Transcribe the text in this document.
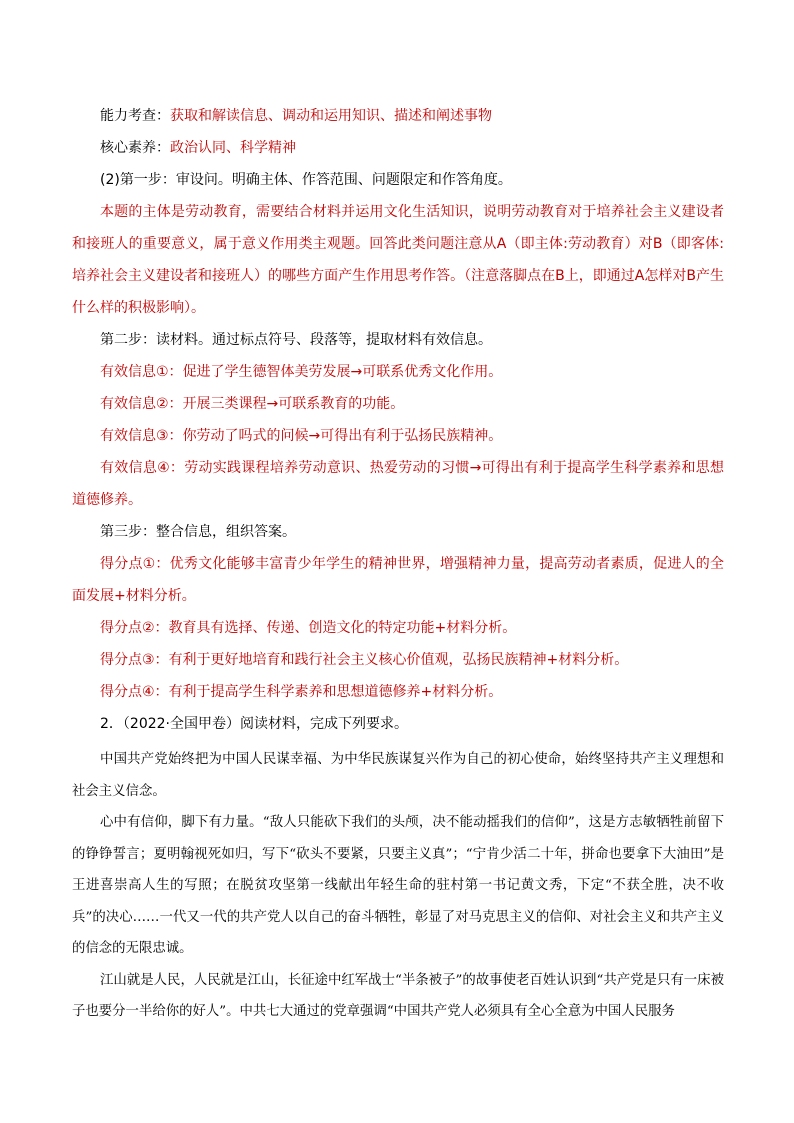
能力考查：获取和解读信息、调动和运用知识、描述和阐述事物

核心素养：政治认同、科学精神

(2)第一步：审设问。明确主体、作答范围、问题限定和作答角度。

本题的主体是劳动教育，需要结合材料并运用文化生活知识，说明劳动教育对于培养社会主义建设者和接班人的重要意义，属于意义作用类主观题。回答此类问题注意从A（即主体:劳动教育）对B（即客体:培养社会主义建设者和接班人）的哪些方面产生作用思考作答。（注意落脚点在B上，即通过A怎样对B产生什么样的积极影响）。

第二步：读材料。通过标点符号、段落等，提取材料有效信息。

有效信息①：促进了学生德智体美劳发展→可联系优秀文化作用。

有效信息②：开展三类课程→可联系教育的功能。

有效信息③：你劳动了吗式的问候→可得出有利于弘扬民族精神。

有效信息④：劳动实践课程培养劳动意识、热爱劳动的习惯→可得出有利于提高学生科学素养和思想道德修养。

第三步：整合信息，组织答案。

得分点①：优秀文化能够丰富青少年学生的精神世界，增强精神力量，提高劳动者素质，促进人的全面发展+材料分析。

得分点②：教育具有选择、传递、创造文化的特定功能+材料分析。

得分点③：有利于更好地培育和践行社会主义核心价值观，弘扬民族精神+材料分析。

得分点④：有利于提高学生科学素养和思想道德修养+材料分析。

2．（2022·全国甲卷）阅读材料，完成下列要求。

中国共产党始终把为中国人民谋幸福、为中华民族谋复兴作为自己的初心使命，始终坚持共产主义理想和社会主义信念。

心中有信仰，脚下有力量。“敌人只能砍下我们的头颅，决不能动摇我们的信仰”，这是方志敏牺牲前留下的铮铮誓言；夏明翰视死如归，写下“砍头不要紧，只要主义真”；“宁肯少活二十年，拼命也要拿下大油田”是王进喜崇高人生的写照；在脱贫攻坚第一线献出年轻生命的驻村第一书记黄文秀，下定“不获全胜，决不收兵”的决心……一代又一代的共产党人以自己的奋斗牺牲，彰显了对马克思主义的信仰、对社会主义和共产主义的信念的无限忠诚。

江山就是人民，人民就是江山，长征途中红军战士“半条被子”的故事使老百姓认识到“共产党是只有一床被子也要分一半给你的好人”。中共七大通过的党章强调“中国共产党人必须具有全心全意为中国人民服务
